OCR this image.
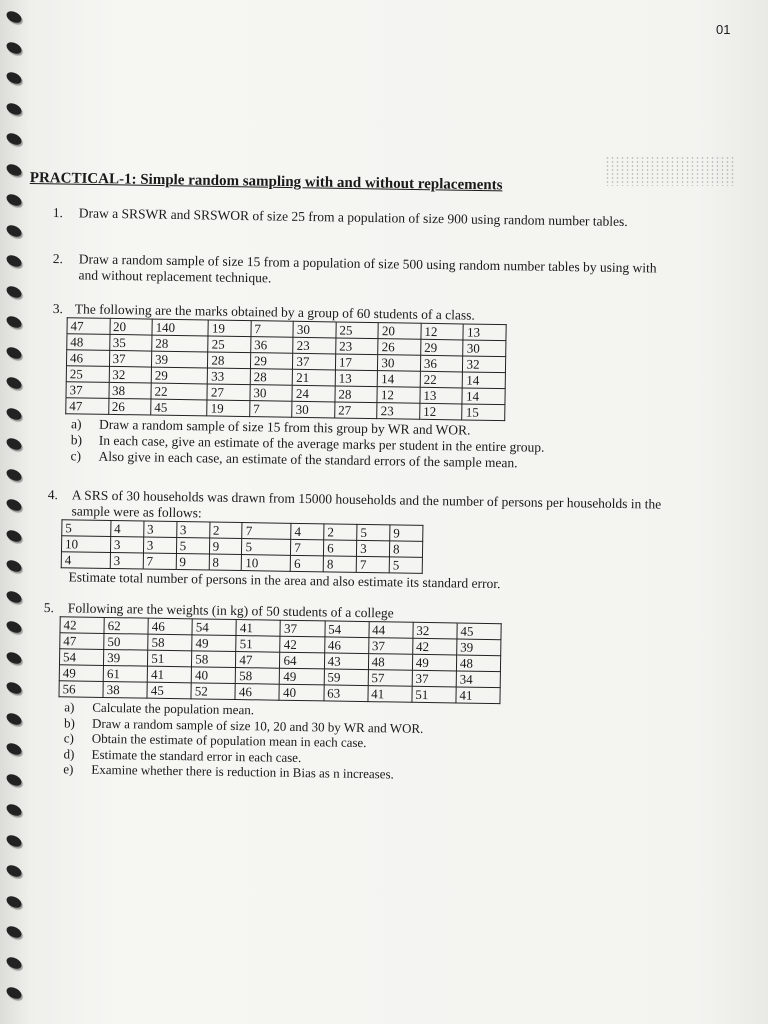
01
PRACTICAL-1: Simple random sampling with and without replacements
1. Draw a SRSWR and SRSWOR of size 25 from a population of size 900 using random number tables.
2. Draw a random sample of size 15 from a population of size 500 using random number tables by using with and without replacement technique.
3. The following are the marks obtained by a group of 60 students of a class.
47	20	140	19	7	30	25	20	12	13
48	35	28	25	36	23	23	26	29	30
46	37	39	28	29	37	17	30	36	32
25	32	29	33	28	21	13	14	22	14
37	38	22	27	30	24	28	12	13	14
47	26	45	19	7	30	27	23	12	15
a) Draw a random sample of size 15 from this group by WR and WOR.
b) In each case, give an estimate of the average marks per student in the entire group.
c) Also give in each case, an estimate of the standard errors of the sample mean.
4. A SRS of 30 households was drawn from 15000 households and the number of persons per households in the sample were as follows:
5	4	3	3	2	7	4	2	5	9
10	3	3	5	9	5	7	6	3	8
4	3	7	9	8	10	6	8	7	5
Estimate total number of persons in the area and also estimate its standard error.
5. Following are the weights (in kg) of 50 students of a college
42	62	46	54	41	37	54	44	32	45
47	50	58	49	51	42	46	37	42	39
54	39	51	58	47	64	43	48	49	48
49	61	41	40	58	49	59	57	37	34
56	38	45	52	46	40	63	41	51	41
a) Calculate the population mean.
b) Draw a random sample of size 10, 20 and 30 by WR and WOR.
c) Obtain the estimate of population mean in each case.
d) Estimate the standard error in each case.
e) Examine whether there is reduction in Bias as n increases.
